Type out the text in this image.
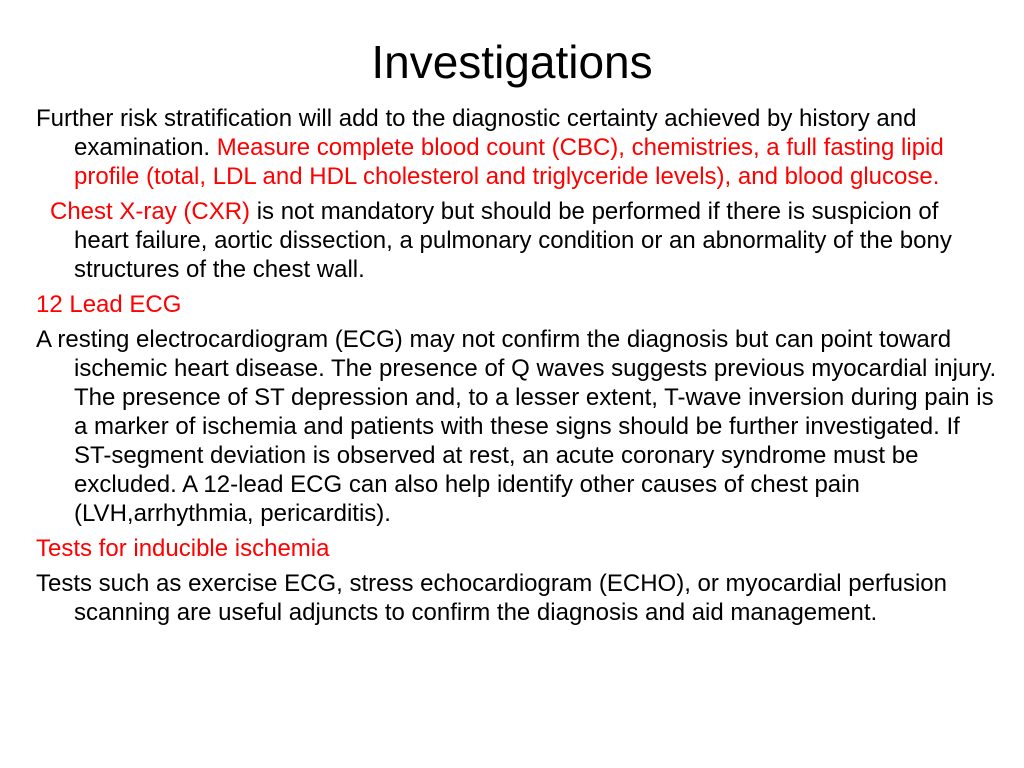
Investigations

Further risk stratification will add to the diagnostic certainty achieved by history and examination. Measure complete blood count (CBC), chemistries, a full fasting lipid profile (total, LDL and HDL cholesterol and triglyceride levels), and blood glucose.

Chest X-ray (CXR) is not mandatory but should be performed if there is suspicion of heart failure, aortic dissection, a pulmonary condition or an abnormality of the bony structures of the chest wall.

12 Lead ECG

A resting electrocardiogram (ECG) may not confirm the diagnosis but can point toward ischemic heart disease. The presence of Q waves suggests previous myocardial injury. The presence of ST depression and, to a lesser extent, T-wave inversion during pain is a marker of ischemia and patients with these signs should be further investigated. If ST-segment deviation is observed at rest, an acute coronary syndrome must be excluded. A 12-lead ECG can also help identify other causes of chest pain (LVH,arrhythmia, pericarditis).

Tests for inducible ischemia

Tests such as exercise ECG, stress echocardiogram (ECHO), or myocardial perfusion scanning are useful adjuncts to confirm the diagnosis and aid management.
